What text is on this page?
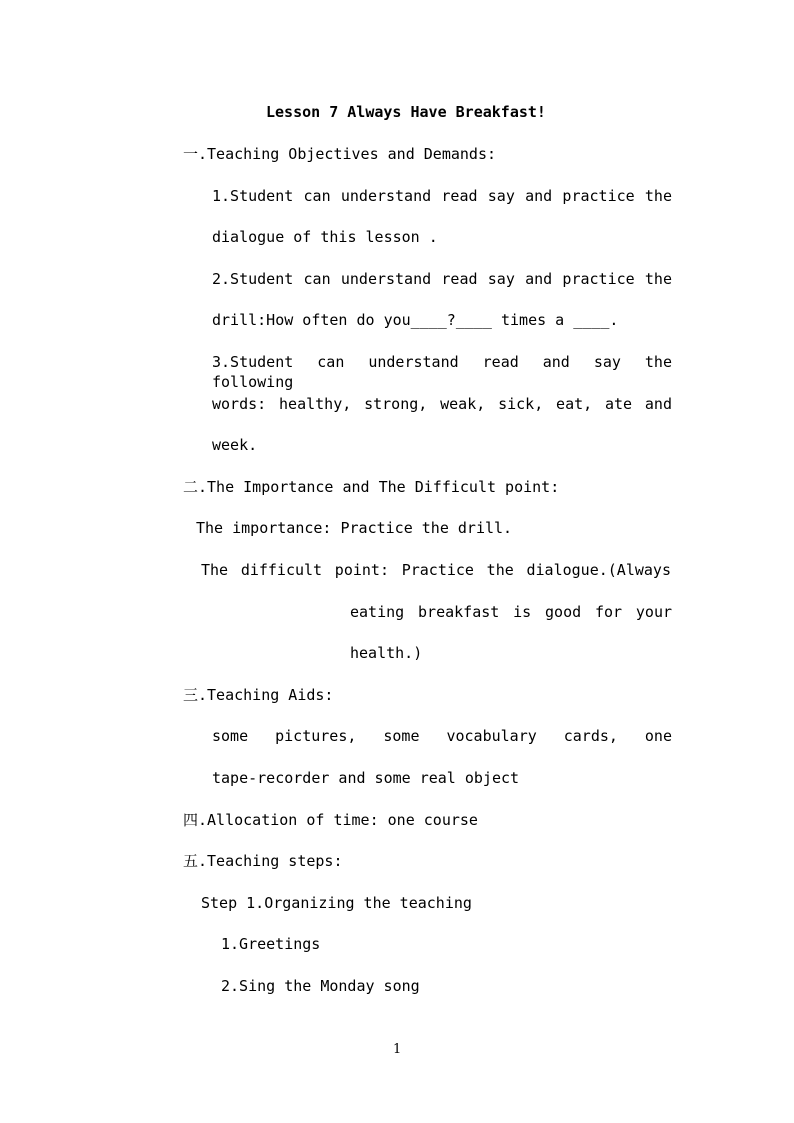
Lesson 7 Always Have Breakfast!
一.Teaching Objectives and Demands:
1.Student can understand read say and practice the
dialogue of this lesson .
2.Student can understand read say and practice the
drill:How often do you____?____ times a ____.
3.Student can understand read and say the following
words: healthy, strong, weak, sick, eat, ate and
week.
二.The Importance and The Difficult point:
The importance: Practice the drill.
The difficult point: Practice the dialogue.(Always
eating breakfast is good for your
health.)
三.Teaching Aids:
some pictures, some vocabulary cards, one
tape-recorder and some real object
四.Allocation of time: one course
五.Teaching steps:
Step 1.Organizing the teaching
1.Greetings
2.Sing the Monday song
1
